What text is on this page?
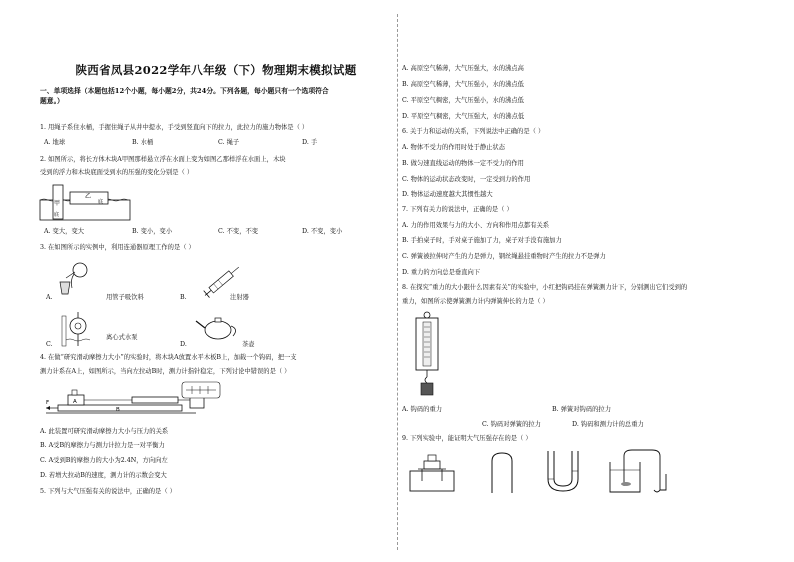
陕西省凤县2022学年八年级（下）物理期末模拟试题
一、单项选择（本题包括12个小题，每小题2分，共24分。下列各题，每小题只有一个选项符合
题意。）
1. 用绳子系住水桶，手握住绳子从井中提水，手受到竖直向下的拉力，此拉力的施力物体是（ ）
A. 地球	B. 水桶	C. 绳子	D. 手
2. 如图所示，将长方体木块A甲图那样悬立浮在水面上变为如图乙那样浮在水面上，木块
受到的浮力和木块底面受到水的压强的变化分别是（ ）
甲
底
乙
底
A. 变大，变大	B. 变小，变小	C. 不变，不变	D. 不变，变小
3. 在如图所示的实例中，利用连通器原理工作的是（ ）
A.	用管子吸饮料	B.	注射器
C.
离心式水泵
D.	茶壶
4. 在做“研究滑动摩擦力大小”的实验时，将木块A放置水平木板B上，加载一个钩码，把一支
测力计系在A上，如图所示，当向左拉动B时，测力计指针稳定，下列讨论中错误的是（ ）
F	A
B
A. 此装置可研究滑动摩擦力大小与压力的关系
B. A受B的摩擦力与测力计拉力是一对平衡力
C. A受到B的摩擦力的大小为2.4N，方向向左
D. 若增大拉动B的速度，测力计的示数会变大
5. 下列与大气压强有关的说法中，正确的是（ ）
A. 高原空气稀薄，大气压强大，水的沸点高
B. 高原空气稀薄，大气压强小，水的沸点低
C. 平原空气稠密，大气压强小，水的沸点低
D. 平原空气稠密，大气压强大，水的沸点低
6. 关于力和运动的关系，下列说法中正确的是（ ）
A. 物体不受力的作用时处于静止状态
B. 做匀速直线运动的物体一定不受力的作用
C. 物体的运动状态改变时，一定受到力的作用
D. 物体运动速度越大其惯性越大
7. 下列有关力的说法中，正确的是（ ）
A. 力的作用效果与力的大小、方向和作用点都有关系
B. 手拍桌子时，手对桌子施加了力，桌子对手没有施加力
C. 弹簧被拉伸时产生的力是弹力，钢丝绳悬挂重物时产生的拉力不是弹力
D. 重力的方向总是垂直向下
8. 在探究“重力的大小跟什么因素有关”的实验中，小红把钩码挂在弹簧测力计下，分别测出它们受到的
重力，如图所示使弹簧测力计内弹簧伸长的力是（ ）
A. 钩码的重力	B. 弹簧对钩码的拉力
C. 钩码对弹簧的拉力	D. 钩码和测力计的总重力
9. 下列实验中，能证明大气压强存在的是（ ）
